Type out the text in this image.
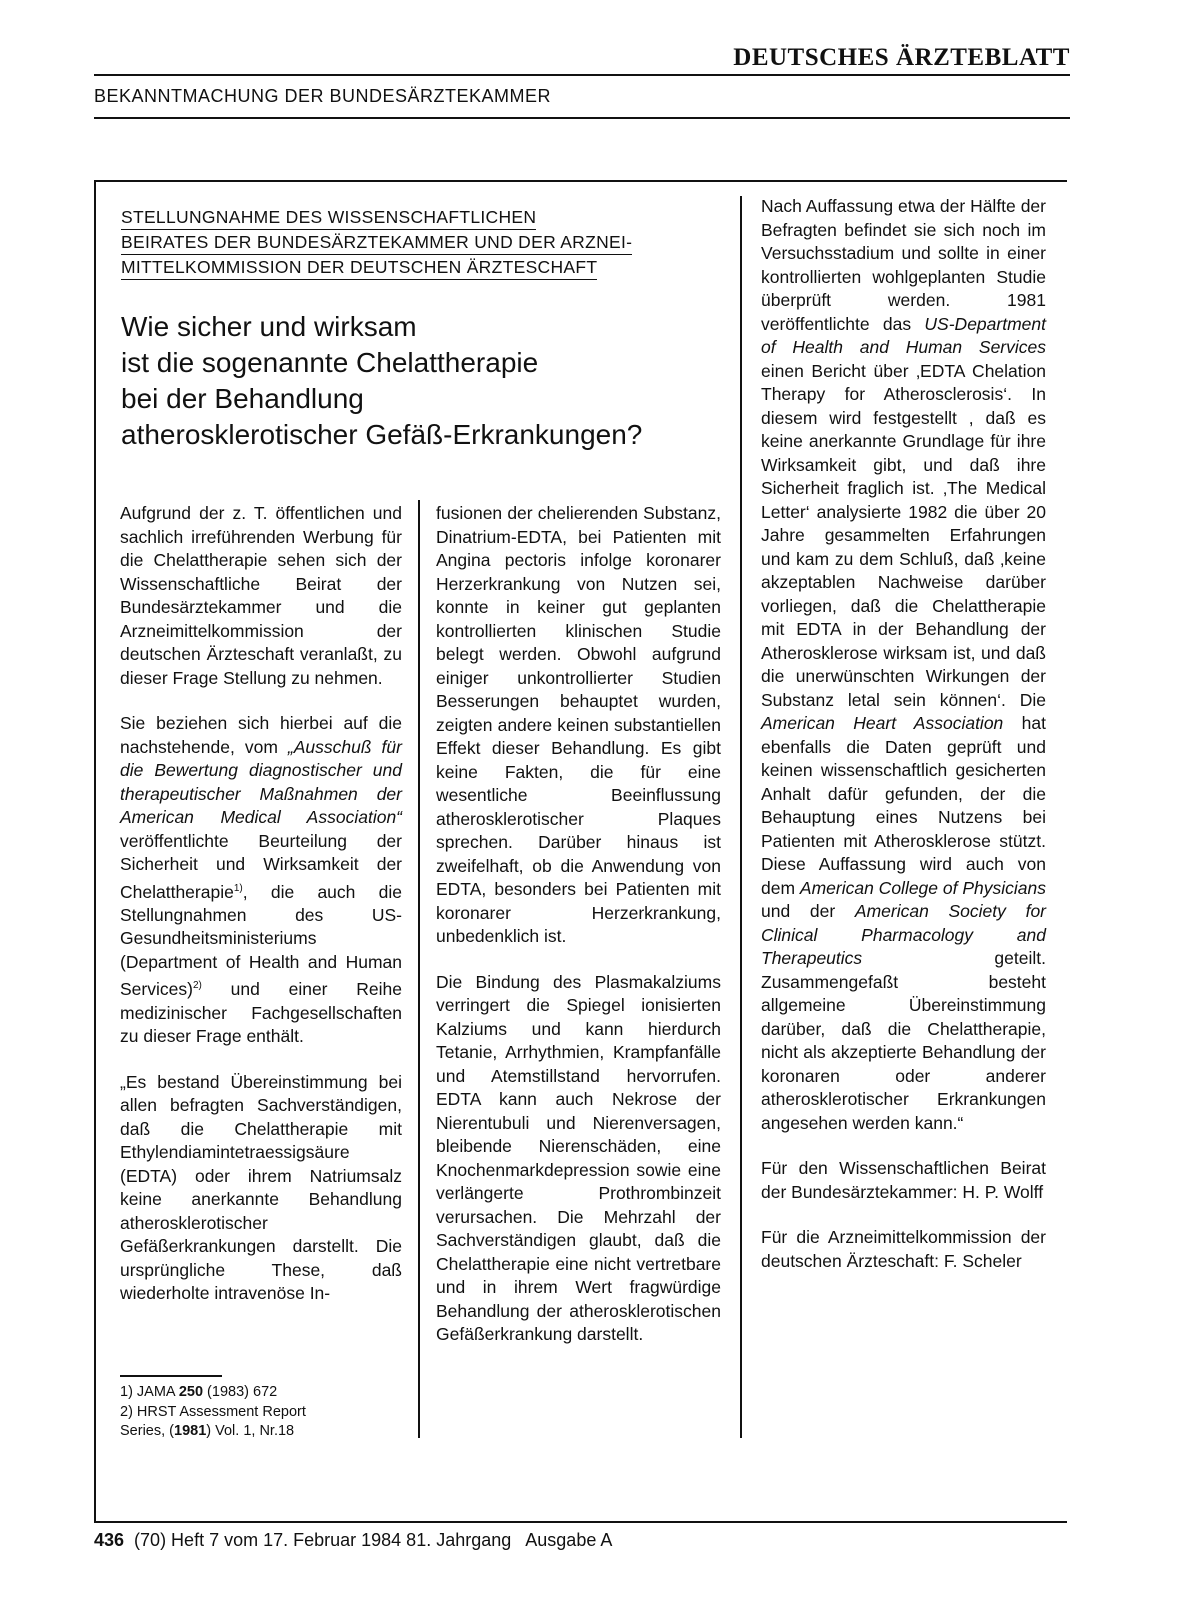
DEUTSCHES ÄRZTEBLATT
BEKANNTMACHUNG DER BUNDESÄRZTEKAMMER
STELLUNGNAHME DES WISSENSCHAFTLICHEN
BEIRATES DER BUNDESÄRZTEKAMMER UND DER ARZNEI-
MITTELKOMMISSION DER DEUTSCHEN ÄRZTESCHAFT
Wie sicher und wirksam
ist die sogenannte Chelattherapie
bei der Behandlung
atherosklerotischer Gefäß-Erkrankungen?

Aufgrund der z. T. öffentlichen und sachlich irreführenden Werbung für die Chelattherapie sehen sich der Wissenschaftliche Beirat der Bundesärztekammer und die Arzneimittelkommission der deutschen Ärzteschaft veranlaßt, zu dieser Frage Stellung zu nehmen.

Sie beziehen sich hierbei auf die nachstehende, vom „Ausschuß für die Bewertung diagnostischer und therapeutischer Maßnahmen der American Medical Association“ veröffentlichte Beurteilung der Sicherheit und Wirksamkeit der Chelattherapie$^{1)}$, die auch die Stellungnahmen des US-Gesundheitsministeriums (Department of Health and Human Services)$^{2)}$ und einer Reihe medizinischer Fachgesellschaften zu dieser Frage enthält.

„Es bestand Übereinstimmung bei allen befragten Sachverständigen, daß die Chelattherapie mit Ethylendiamintetraessigsäure (EDTA) oder ihrem Natriumsalz keine anerkannte Behandlung atherosklerotischer Gefäßerkrankungen darstellt. Die ursprüngliche These, daß wiederholte intravenöse In-

1) JAMA 250 (1983) 672
2) HRST Assessment Report
Series, (1981) Vol. 1, Nr.18

fusionen der chelierenden Substanz, Dinatrium-EDTA, bei Patienten mit Angina pectoris infolge koronarer Herzerkrankung von Nutzen sei, konnte in keiner gut geplanten kontrollierten klinischen Studie belegt werden. Obwohl aufgrund einiger unkontrollierter Studien Besserungen behauptet wurden, zeigten andere keinen substantiellen Effekt dieser Behandlung. Es gibt keine Fakten, die für eine wesentliche Beeinflussung atherosklerotischer Plaques sprechen. Darüber hinaus ist zweifelhaft, ob die Anwendung von EDTA, besonders bei Patienten mit koronarer Herzerkrankung, unbedenklich ist.

Die Bindung des Plasmakalziums verringert die Spiegel ionisierten Kalziums und kann hierdurch Tetanie, Arrhythmien, Krampfanfälle und Atemstillstand hervorrufen. EDTA kann auch Nekrose der Nierentubuli und Nierenversagen, bleibende Nierenschäden, eine Knochenmarkdepression sowie eine verlängerte Prothrombinzeit verursachen. Die Mehrzahl der Sachverständigen glaubt, daß die Chelattherapie eine nicht vertretbare und in ihrem Wert fragwürdige Behandlung der atherosklerotischen Gefäßerkrankung darstellt.

Nach Auffassung etwa der Hälfte der Befragten befindet sie sich noch im Versuchsstadium und sollte in einer kontrollierten wohlgeplanten Studie überprüft werden. 1981 veröffentlichte das US-Department of Health and Human Services einen Bericht über ‚EDTA Chelation Therapy for Atherosclerosis‘. In diesem wird festgestellt , daß es keine anerkannte Grundlage für ihre Wirksamkeit gibt, und daß ihre Sicherheit fraglich ist. ‚The Medical Letter‘ analysierte 1982 die über 20 Jahre gesammelten Erfahrungen und kam zu dem Schluß, daß ‚keine akzeptablen Nachweise darüber vorliegen, daß die Chelattherapie mit EDTA in der Behandlung der Atherosklerose wirksam ist, und daß die unerwünschten Wirkungen der Substanz letal sein können‘. Die American Heart Association hat ebenfalls die Daten geprüft und keinen wissenschaftlich gesicherten Anhalt dafür gefunden, der die Behauptung eines Nutzens bei Patienten mit Atherosklerose stützt. Diese Auffassung wird auch von dem American College of Physicians und der American Society for Clinical Pharmacology and Therapeutics geteilt. Zusammengefaßt besteht allgemeine Übereinstimmung darüber, daß die Chelattherapie, nicht als akzeptierte Behandlung der koronaren oder anderer atherosklerotischer Erkrankungen angesehen werden kann.“

Für den Wissenschaftlichen Beirat der Bundesärztekammer: H. P. Wolff

Für die Arzneimittelkommission der deutschen Ärzteschaft: F. Scheler

436  (70) Heft 7 vom 17. Februar 1984 81. Jahrgang   Ausgabe A
